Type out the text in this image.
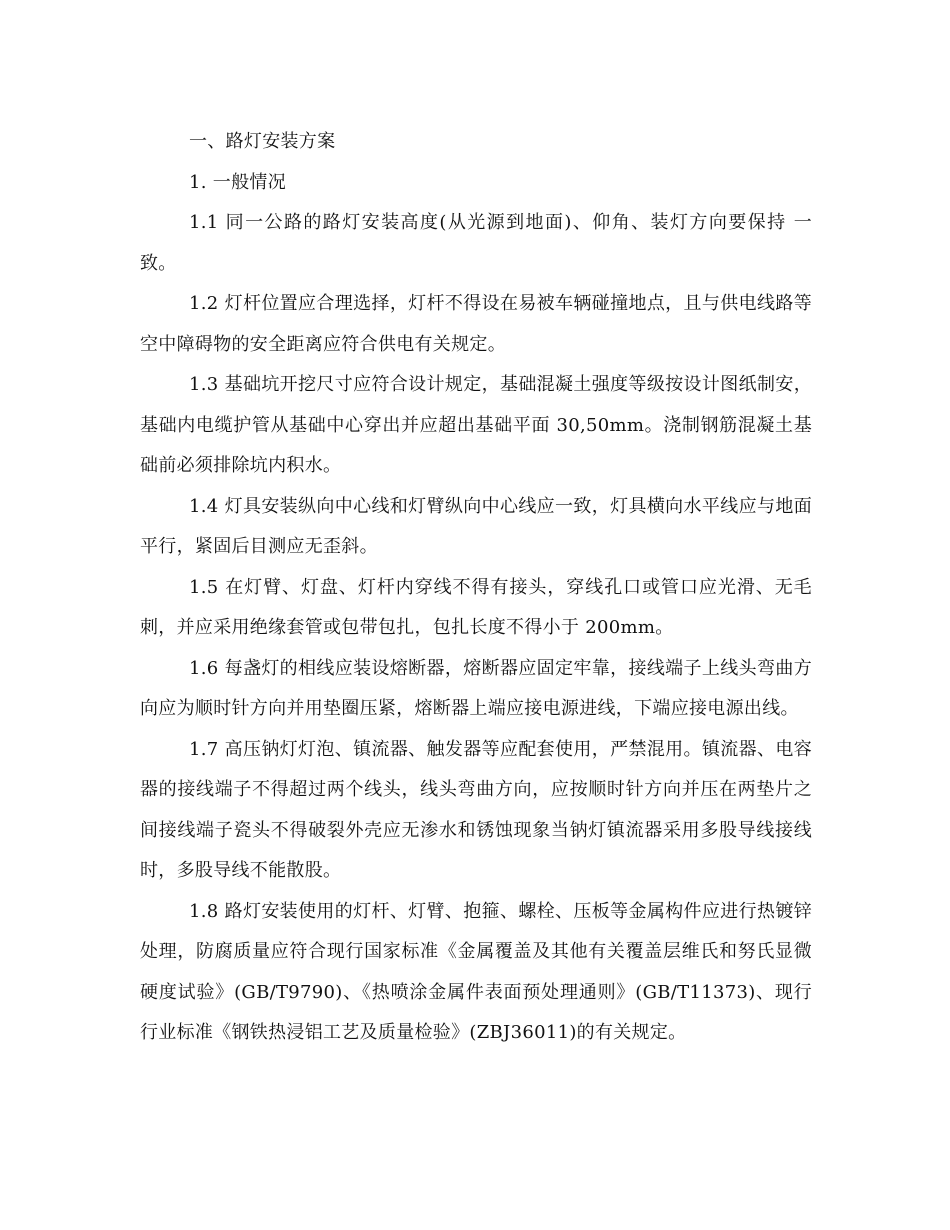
一、路灯安装方案

1. 一般情况

1.1 同一公路的路灯安装高度(从光源到地面)、仰角、装灯方向要保持 一致。

1.2 灯杆位置应合理选择，灯杆不得设在易被车辆碰撞地点，且与供电线路等空中障碍物的安全距离应符合供电有关规定。

1.3 基础坑开挖尺寸应符合设计规定，基础混凝土强度等级按设计图纸制安，基础内电缆护管从基础中心穿出并应超出基础平面 30,50mm。浇制钢筋混凝土基础前必须排除坑内积水。

1.4 灯具安装纵向中心线和灯臂纵向中心线应一致，灯具横向水平线应与地面平行，紧固后目测应无歪斜。

1.5 在灯臂、灯盘、灯杆内穿线不得有接头，穿线孔口或管口应光滑、无毛刺，并应采用绝缘套管或包带包扎，包扎长度不得小于 200mm。

1.6 每盏灯的相线应装设熔断器，熔断器应固定牢靠，接线端子上线头弯曲方向应为顺时针方向并用垫圈压紧，熔断器上端应接电源进线，下端应接电源出线。

1.7 高压钠灯灯泡、镇流器、触发器等应配套使用，严禁混用。镇流器、电容器的接线端子不得超过两个线头，线头弯曲方向，应按顺时针方向并压在两垫片之间接线端子瓷头不得破裂外壳应无渗水和锈蚀现象当钠灯镇流器采用多股导线接线时，多股导线不能散股。

1.8 路灯安装使用的灯杆、灯臂、抱箍、螺栓、压板等金属构件应进行热镀锌处理，防腐质量应符合现行国家标准《金属覆盖及其他有关覆盖层维氏和努氏显微硬度试验》(GB/T9790)、《热喷涂金属件表面预处理通则》(GB/T11373)、现行行业标准《钢铁热浸铝工艺及质量检验》(ZBJ36011)的有关规定。
